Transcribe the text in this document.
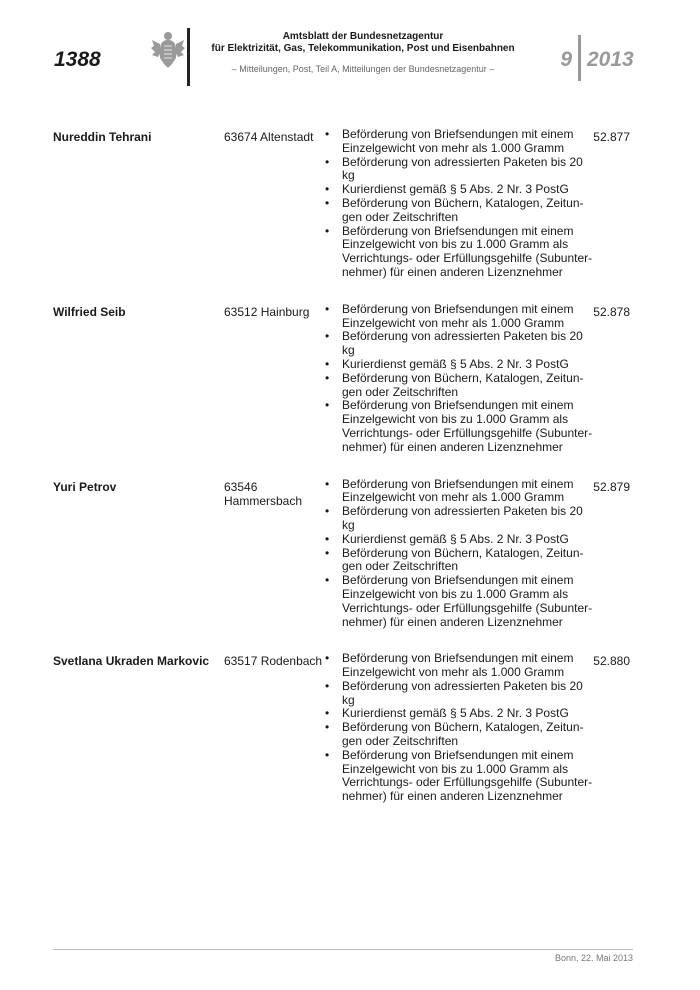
1388
Amtsblatt der Bundesnetzagentur
für Elektrizität, Gas, Telekommunikation, Post und Eisenbahnen
– Mitteilungen, Post, Teil A, Mitteilungen der Bundesnetzagentur –	9 2013
Nureddin Tehrani	63674 Altenstadt	52.877
• Beförderung von Briefsendungen mit einem Einzelgewicht von mehr als 1.000 Gramm
• Beförderung von adressierten Paketen bis 20 kg
• Kurierdienst gemäß § 5 Abs. 2 Nr. 3 PostG
• Beförderung von Büchern, Katalogen, Zeitun-gen oder Zeitschriften
• Beförderung von Briefsendungen mit einem Einzelgewicht von bis zu 1.000 Gramm als Verrichtungs- oder Erfüllungsgehilfe (Subunter-nehmer) für einen anderen Lizenznehmer
Wilfried Seib	63512 Hainburg	52.878
• Beförderung von Briefsendungen mit einem Einzelgewicht von mehr als 1.000 Gramm
• Beförderung von adressierten Paketen bis 20 kg
• Kurierdienst gemäß § 5 Abs. 2 Nr. 3 PostG
• Beförderung von Büchern, Katalogen, Zeitun-gen oder Zeitschriften
• Beförderung von Briefsendungen mit einem Einzelgewicht von bis zu 1.000 Gramm als Verrichtungs- oder Erfüllungsgehilfe (Subunter-nehmer) für einen anderen Lizenznehmer
Yuri Petrov	63546 Hammersbach
52.879
• Beförderung von Briefsendungen mit einem Einzelgewicht von mehr als 1.000 Gramm
• Beförderung von adressierten Paketen bis 20 kg
• Kurierdienst gemäß § 5 Abs. 2 Nr. 3 PostG
• Beförderung von Büchern, Katalogen, Zeitun-gen oder Zeitschriften
• Beförderung von Briefsendungen mit einem Einzelgewicht von bis zu 1.000 Gramm als Verrichtungs- oder Erfüllungsgehilfe (Subunter-nehmer) für einen anderen Lizenznehmer
Svetlana Ukraden Markovic	63517 Rodenbach	52.880
• Beförderung von Briefsendungen mit einem Einzelgewicht von mehr als 1.000 Gramm
• Beförderung von adressierten Paketen bis 20 kg
• Kurierdienst gemäß § 5 Abs. 2 Nr. 3 PostG
• Beförderung von Büchern, Katalogen, Zeitun-gen oder Zeitschriften
• Beförderung von Briefsendungen mit einem Einzelgewicht von bis zu 1.000 Gramm als Verrichtungs- oder Erfüllungsgehilfe (Subunter-nehmer) für einen anderen Lizenznehmer
Bonn, 22. Mai 2013
